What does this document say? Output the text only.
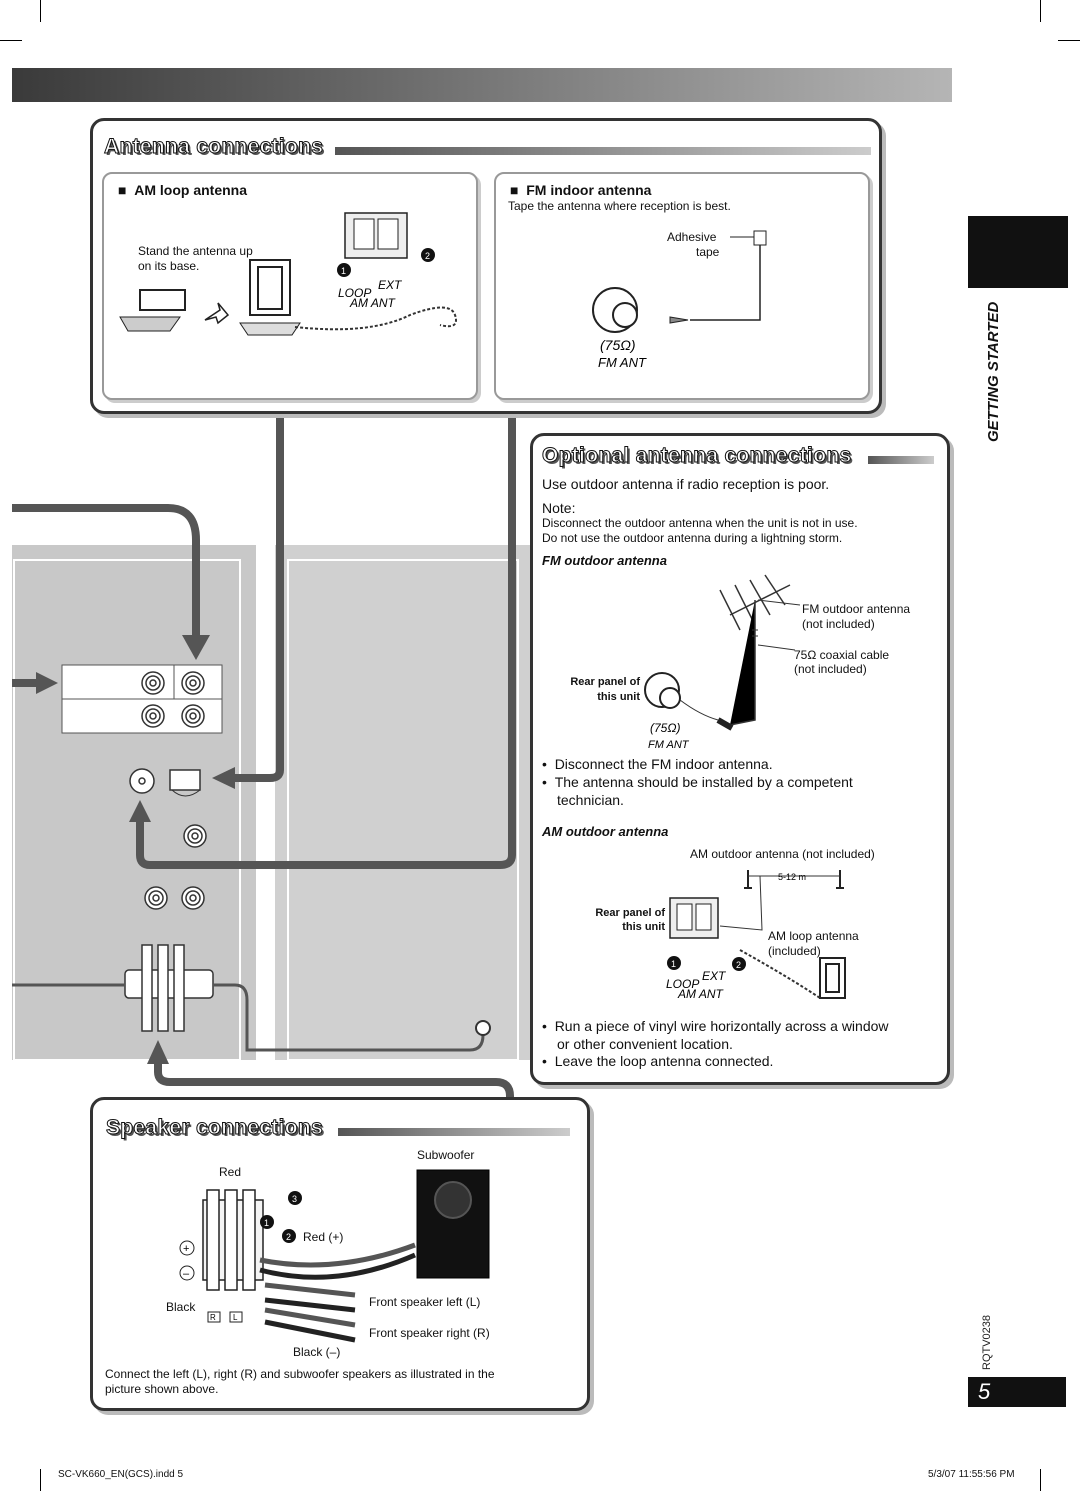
GETTING STARTED
RQTV0238
5
Antenna connections
■  AM loop antenna
Stand the antenna up on its base.	1
2
LOOP
EXT
AM ANT
■  FM indoor antenna
Tape the antenna where reception is best.
Adhesive
tape
(75Ω)
FM ANT
Optional antenna connections
Use outdoor antenna if radio reception is poor.
Note:
Disconnect the outdoor antenna when the unit is not in use.
Do not use the outdoor antenna during a lightning storm.
FM outdoor antenna
FM outdoor antenna
(not included)
75Ω coaxial cable
(not included)
Rear panel of
this unit
(75Ω)
FM ANT
•  Disconnect the FM indoor antenna.
•  The antenna should be installed by a competent
technician.
AM outdoor antenna
AM outdoor antenna (not included)
Rear panel of
this unit
AM loop antenna
(included)
5-12 m
1	2
LOOP
EXT
AM ANT
•  Run a piece of vinyl wire horizontally across a window
or other convenient location.
•  Leave the loop antenna connected.
Speaker connections
Subwoofer
Red
Red (+)
Black
Black (–)
Front speaker left (L)
Front speaker right (R)
Connect the left (L), right (R) and subwoofer speakers as illustrated in the
picture shown above.
+
–
3
1
2
R L
SC-VK660_EN(GCS).indd 5	5/3/07 11:55:56 PM
